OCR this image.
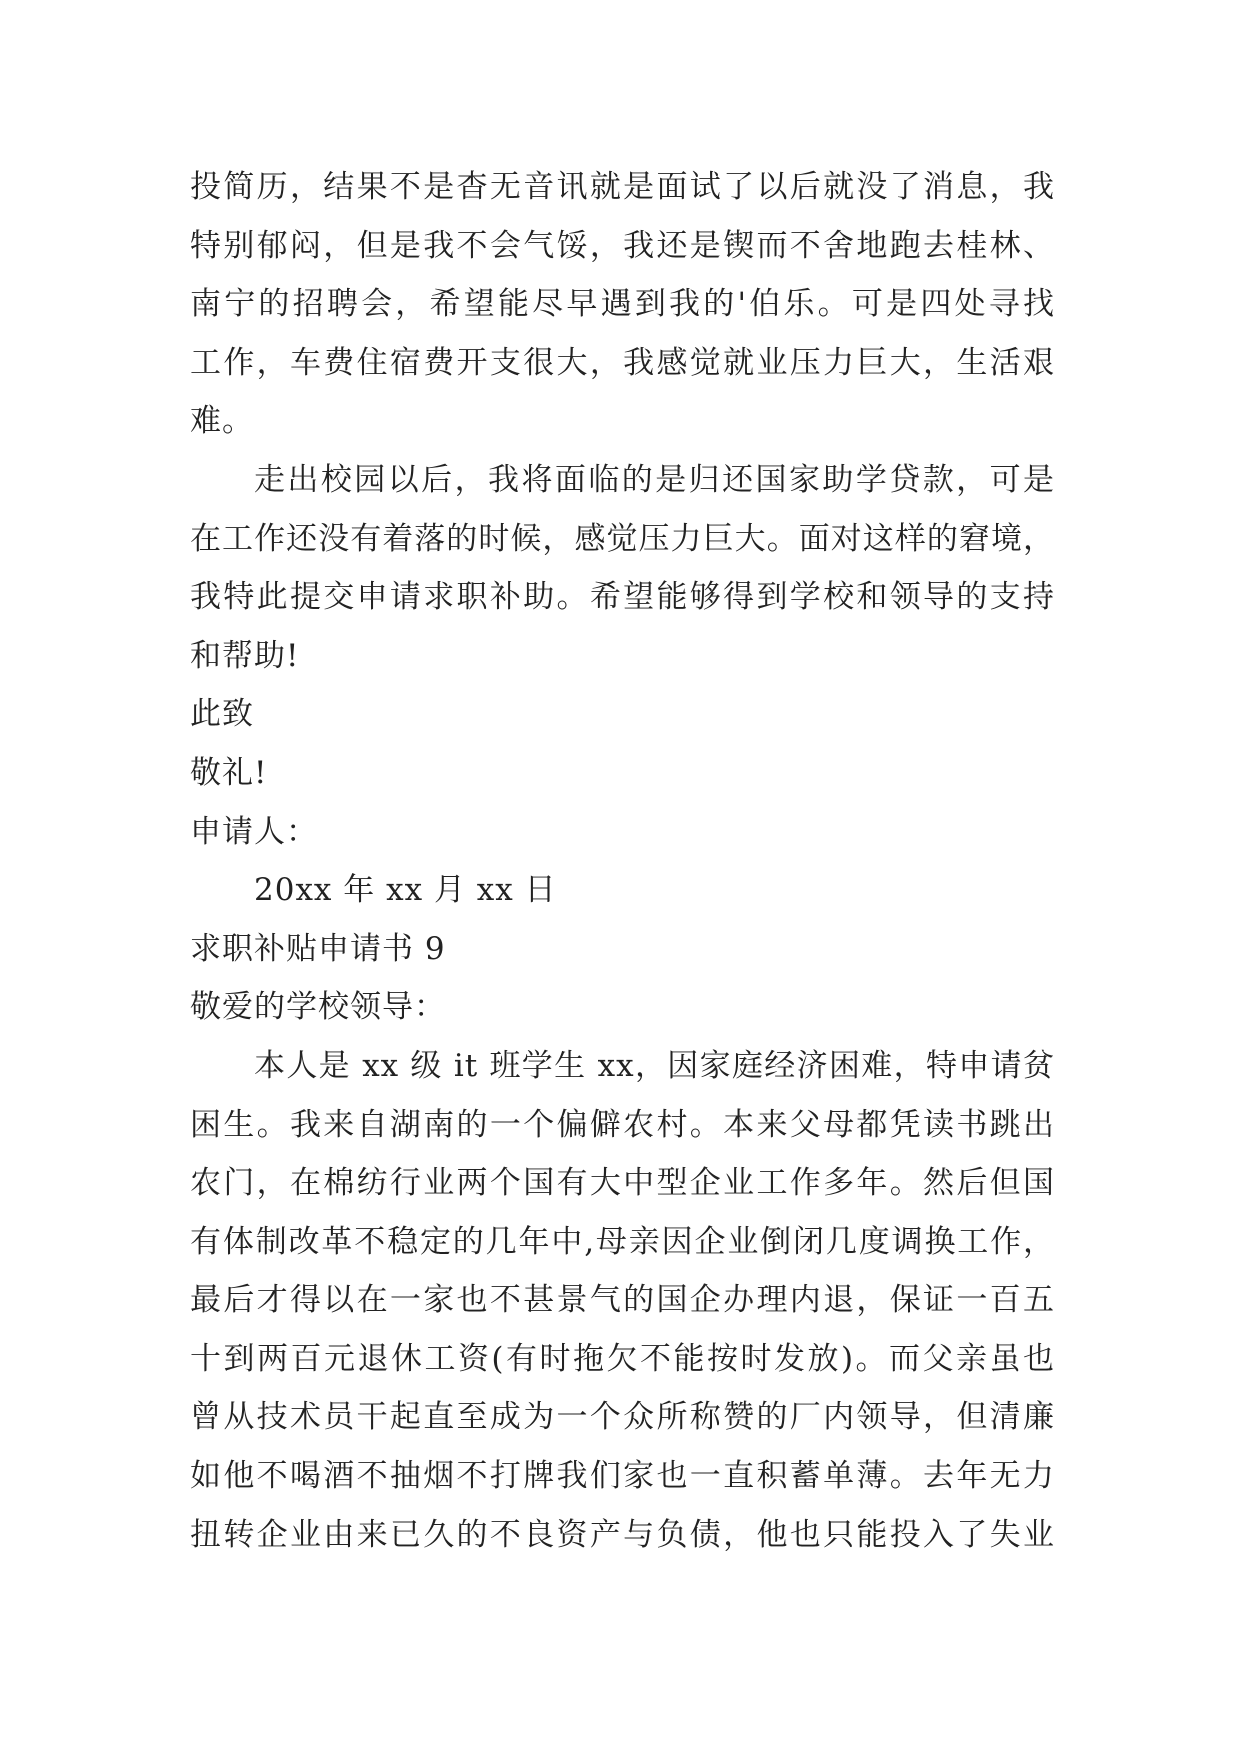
投简历，结果不是杳无音讯就是面试了以后就没了消息，我
特别郁闷，但是我不会气馁，我还是锲而不舍地跑去桂林、
南宁的招聘会，希望能尽早遇到我的'伯乐。可是四处寻找
工作，车费住宿费开支很大，我感觉就业压力巨大，生活艰
难。
走出校园以后，我将面临的是归还国家助学贷款，可是
在工作还没有着落的时候，感觉压力巨大。面对这样的窘境，
我特此提交申请求职补助。希望能够得到学校和领导的支持
和帮助!
此致
敬礼!
申请人：
20xx 年 xx 月 xx 日
求职补贴申请书 9
敬爱的学校领导：
本人是 xx 级 it 班学生 xx，因家庭经济困难，特申请贫
困生。我来自湖南的一个偏僻农村。本来父母都凭读书跳出
农门，在棉纺行业两个国有大中型企业工作多年。然后但国
有体制改革不稳定的几年中,母亲因企业倒闭几度调换工作，
最后才得以在一家也不甚景气的国企办理内退，保证一百五
十到两百元退休工资(有时拖欠不能按时发放)。而父亲虽也
曾从技术员干起直至成为一个众所称赞的厂内领导，但清廉
如他不喝酒不抽烟不打牌我们家也一直积蓄单薄。去年无力
扭转企业由来已久的不良资产与负债，他也只能投入了失业
